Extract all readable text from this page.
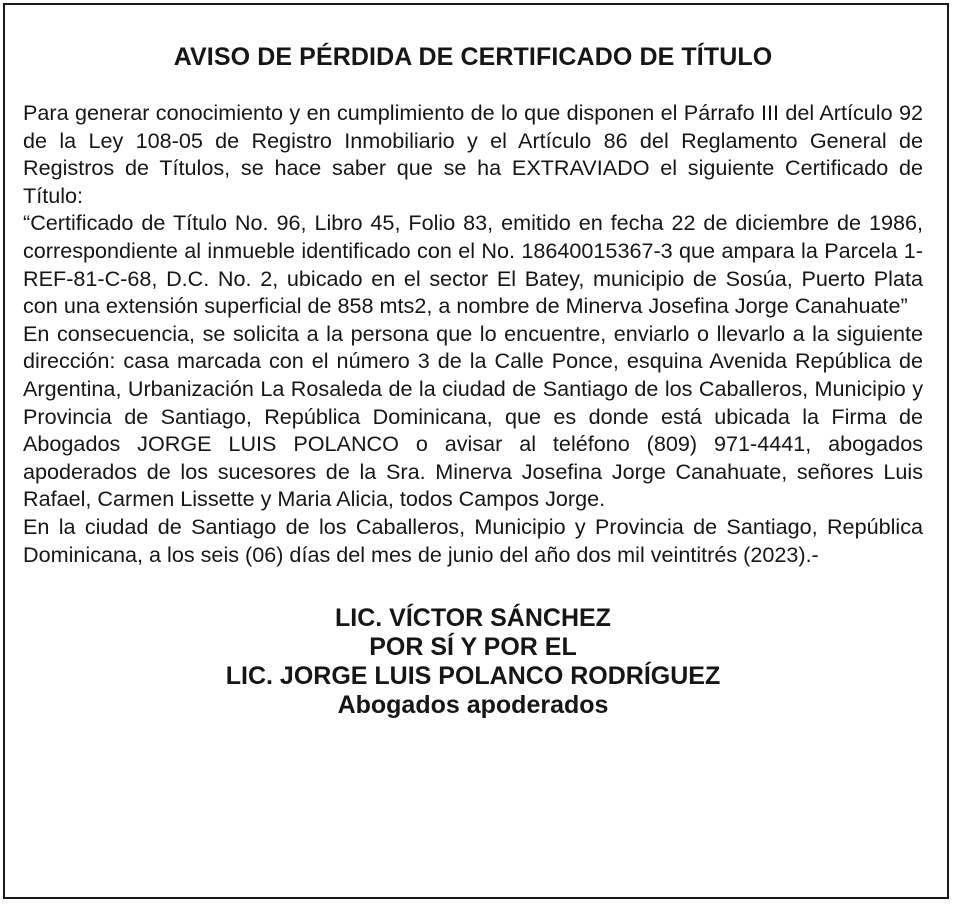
AVISO DE PÉRDIDA DE CERTIFICADO DE TÍTULO

Para generar conocimiento y en cumplimiento de lo que disponen el Párrafo III del Artículo 92 de la Ley 108-05 de Registro Inmobiliario y el Artículo 86 del Reglamento General de Registros de Títulos, se hace saber que se ha EXTRAVIADO el siguiente Certificado de Título:

“Certificado de Título No. 96, Libro 45, Folio 83, emitido en fecha 22 de diciembre de 1986, correspondiente al inmueble identificado con el No. 18640015367-3 que ampara la Parcela 1-REF-81-C-68, D.C. No. 2, ubicado en el sector El Batey, municipio de Sosúa, Puerto Plata con una extensión superficial de 858 mts2, a nombre de Minerva Josefina Jorge Canahuate”

En consecuencia, se solicita a la persona que lo encuentre, enviarlo o llevarlo a la siguiente dirección: casa marcada con el número 3 de la Calle Ponce, esquina Avenida República de Argentina, Urbanización La Rosaleda de la ciudad de Santiago de los Caballeros, Municipio y Provincia de Santiago, República Dominicana, que es donde está ubicada la Firma de Abogados JORGE LUIS POLANCO o avisar al teléfono (809) 971-4441, abogados apoderados de los sucesores de la Sra. Minerva Josefina Jorge Canahuate, señores Luis Rafael, Carmen Lissette y Maria Alicia, todos Campos Jorge.

En la ciudad de Santiago de los Caballeros, Municipio y Provincia de Santiago, República Dominicana, a los seis (06) días del mes de junio del año dos mil veintitrés (2023).-

LIC. VÍCTOR SÁNCHEZ
POR SÍ Y POR EL
LIC. JORGE LUIS POLANCO RODRÍGUEZ
Abogados apoderados
